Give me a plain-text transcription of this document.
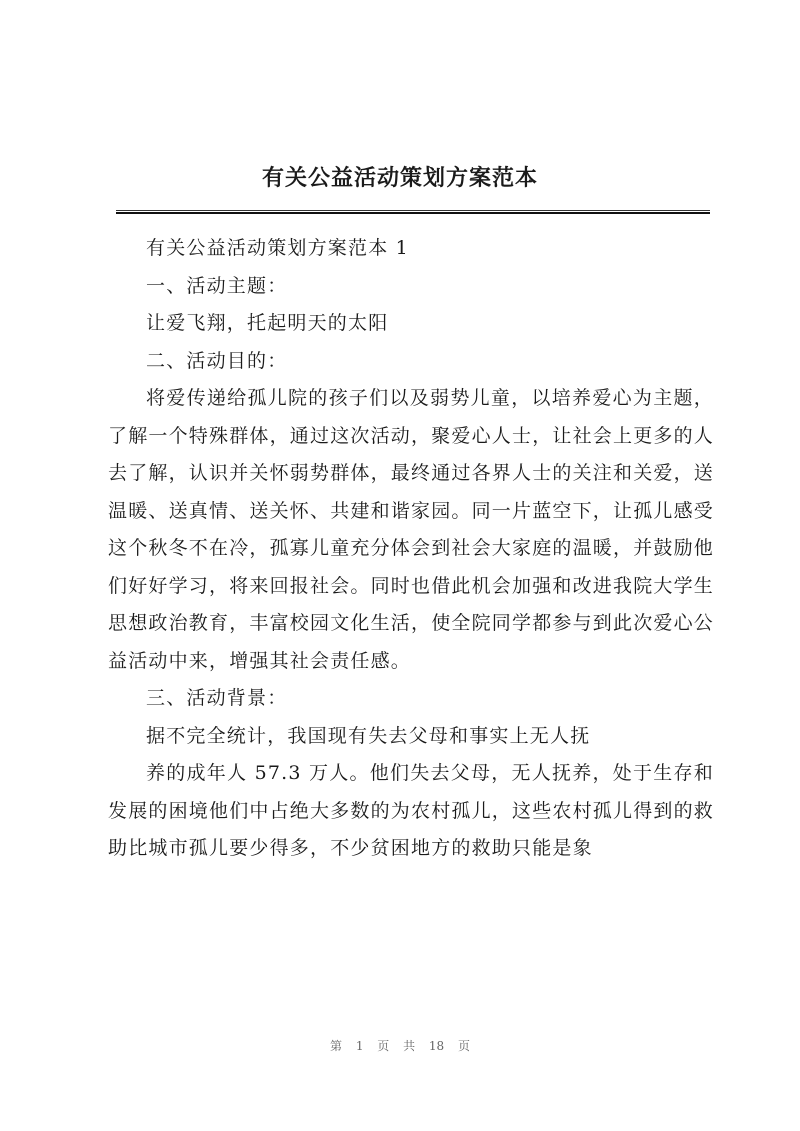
有关公益活动策划方案范本

有关公益活动策划方案范本 1

一、活动主题：

让爱飞翔，托起明天的太阳

二、活动目的：

将爱传递给孤儿院的孩子们以及弱势儿童，以培养爱心为主题，了解一个特殊群体，通过这次活动，聚爱心人士，让社会上更多的人去了解，认识并关怀弱势群体，最终通过各界人士的关注和关爱，送温暖、送真情、送关怀、共建和谐家园。同一片蓝空下，让孤儿感受这个秋冬不在冷，孤寡儿童充分体会到社会大家庭的温暖，并鼓励他们好好学习，将来回报社会。同时也借此机会加强和改进我院大学生思想政治教育，丰富校园文化生活，使全院同学都参与到此次爱心公益活动中来，增强其社会责任感。

三、活动背景：

据不完全统计，我国现有失去父母和事实上无人抚

养的成年人 57.3 万人。他们失去父母，无人抚养，处于生存和发展的困境他们中占绝大多数的为农村孤儿，这些农村孤儿得到的救助比城市孤儿要少得多，不少贫困地方的救助只能是象

第 1 页 共 18 页
